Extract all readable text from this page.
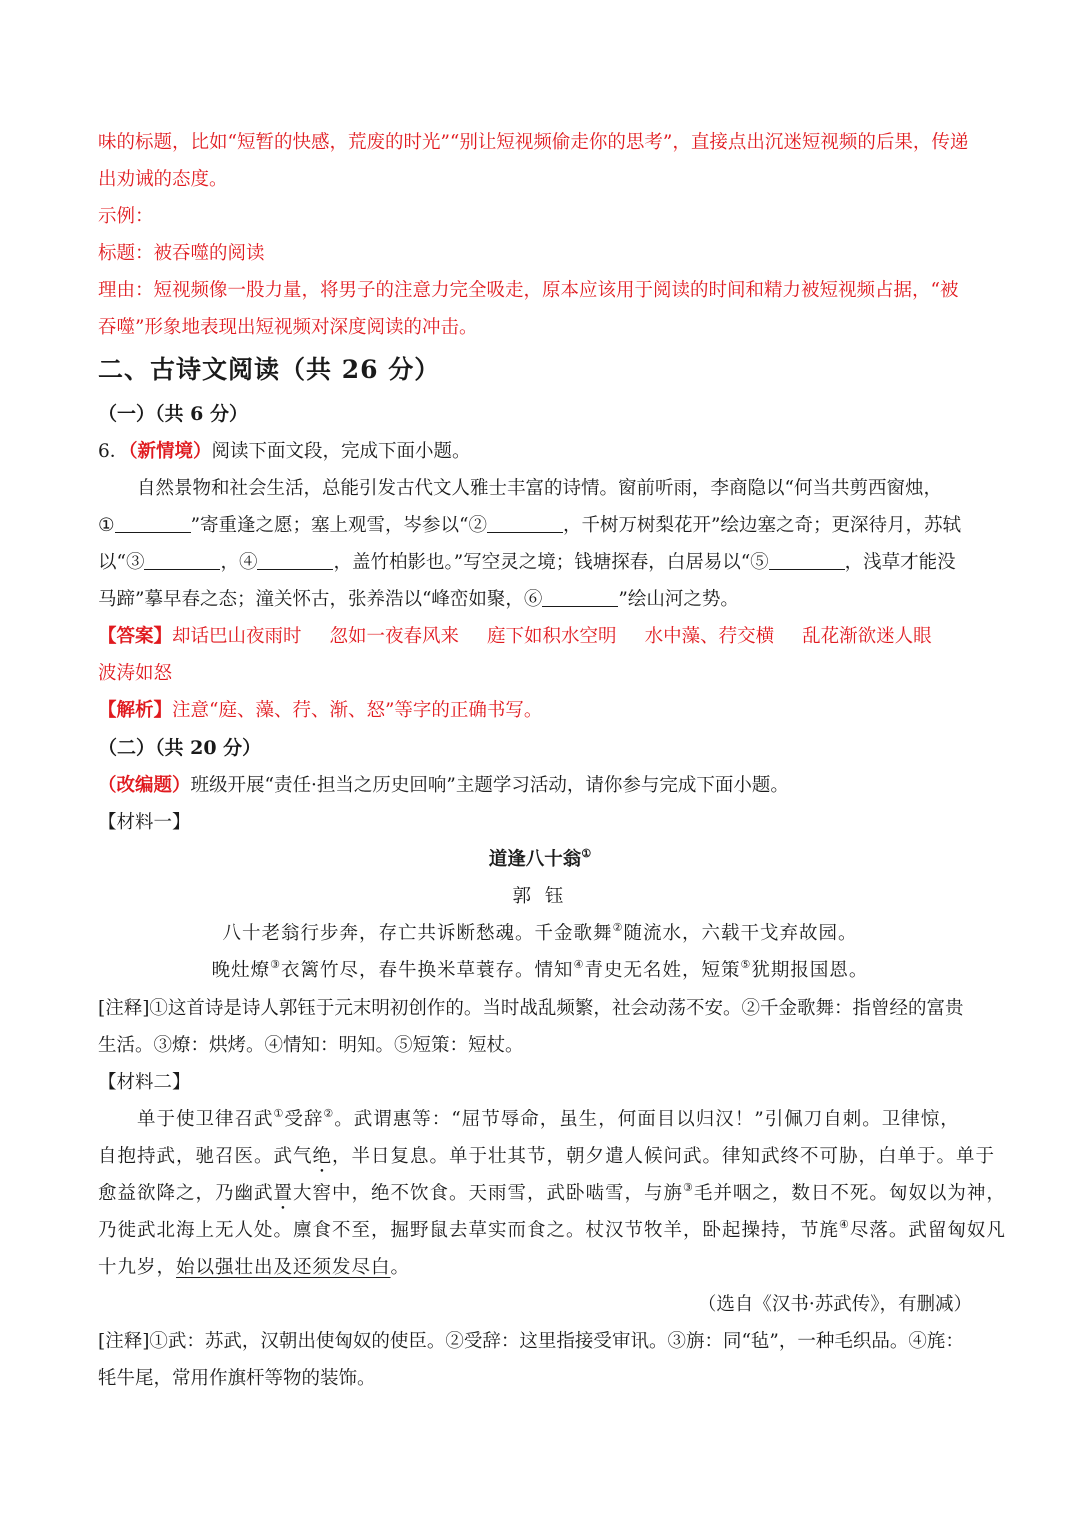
味的标题，比如“短暂的快感，荒废的时光”“别让短视频偷走你的思考”，直接点出沉迷短视频的后果，传递
出劝诫的态度。
示例：
标题：被吞噬的阅读
理由：短视频像一股力量，将男子的注意力完全吸走，原本应该用于阅读的时间和精力被短视频占据，“被
吞噬”形象地表现出短视频对深度阅读的冲击。
二、古诗文阅读（共 26 分）
（一）（共 6 分）
6．（新情境）阅读下面文段，完成下面小题。
自然景物和社会生活，总能引发古代文人雅士丰富的诗情。窗前听雨，李商隐以“何当共剪西窗烛，
①	”寄重逢之愿；塞上观雪，岑参以“②	，千树万树梨花开”绘边塞之奇；更深待月，苏轼
以“③	，④	，盖竹柏影也。”写空灵之境；钱塘探春，白居易以“⑤	，浅草才能没
马蹄”摹早春之态；潼关怀古，张养浩以“峰峦如聚，⑥	”绘山河之势。
【答案】却话巴山夜雨时 忽如一夜春风来 庭下如积水空明 水中藻、荇交横 乱花渐欲迷人眼
波涛如怒
【解析】注意“庭、藻、荇、渐、怒”等字的正确书写。
（二）（共 20 分）
（改编题）班级开展“责任·担当之历史回响”主题学习活动，请你参与完成下面小题。
【材料一】
道逢八十翁①
郭 钰
八十老翁行步奔，存亡共诉断愁魂。千金歌舞②随流水，六载干戈弃故园。
晚灶燎③衣篱竹尽，春牛换米草蓑存。情知④青史无名姓，短策⑤犹期报国恩。
[注释]①这首诗是诗人郭钰于元末明初创作的。当时战乱频繁，社会动荡不安。②千金歌舞：指曾经的富贵
生活。③燎：烘烤。④情知：明知。⑤短策：短杖。
【材料二】
单于使卫律召武①受辞②。武谓惠等：“屈节辱命，虽生，何面目以归汉！”引佩刀自刺。卫律惊，
自抱持武，驰召医。武气绝，半日复息。单于壮其节，朝夕遣人候问武。律知武终不可胁，白单于。单于
愈益欲降之，乃幽武置大窖中，绝不饮食。天雨雪，武卧啮雪，与旃③毛并咽之，数日不死。匈奴以为神，
乃徙武北海上无人处。廪食不至，掘野鼠去草实而食之。杖汉节牧羊，卧起操持，节旄④尽落。武留匈奴凡
十九岁，始以强壮出及还须发尽白。
（选自《汉书·苏武传》，有删减）
[注释]①武：苏武，汉朝出使匈奴的使臣。②受辞：这里指接受审讯。③旃：同“毡”，一种毛织品。④旄：
牦牛尾，常用作旗杆等物的装饰。
